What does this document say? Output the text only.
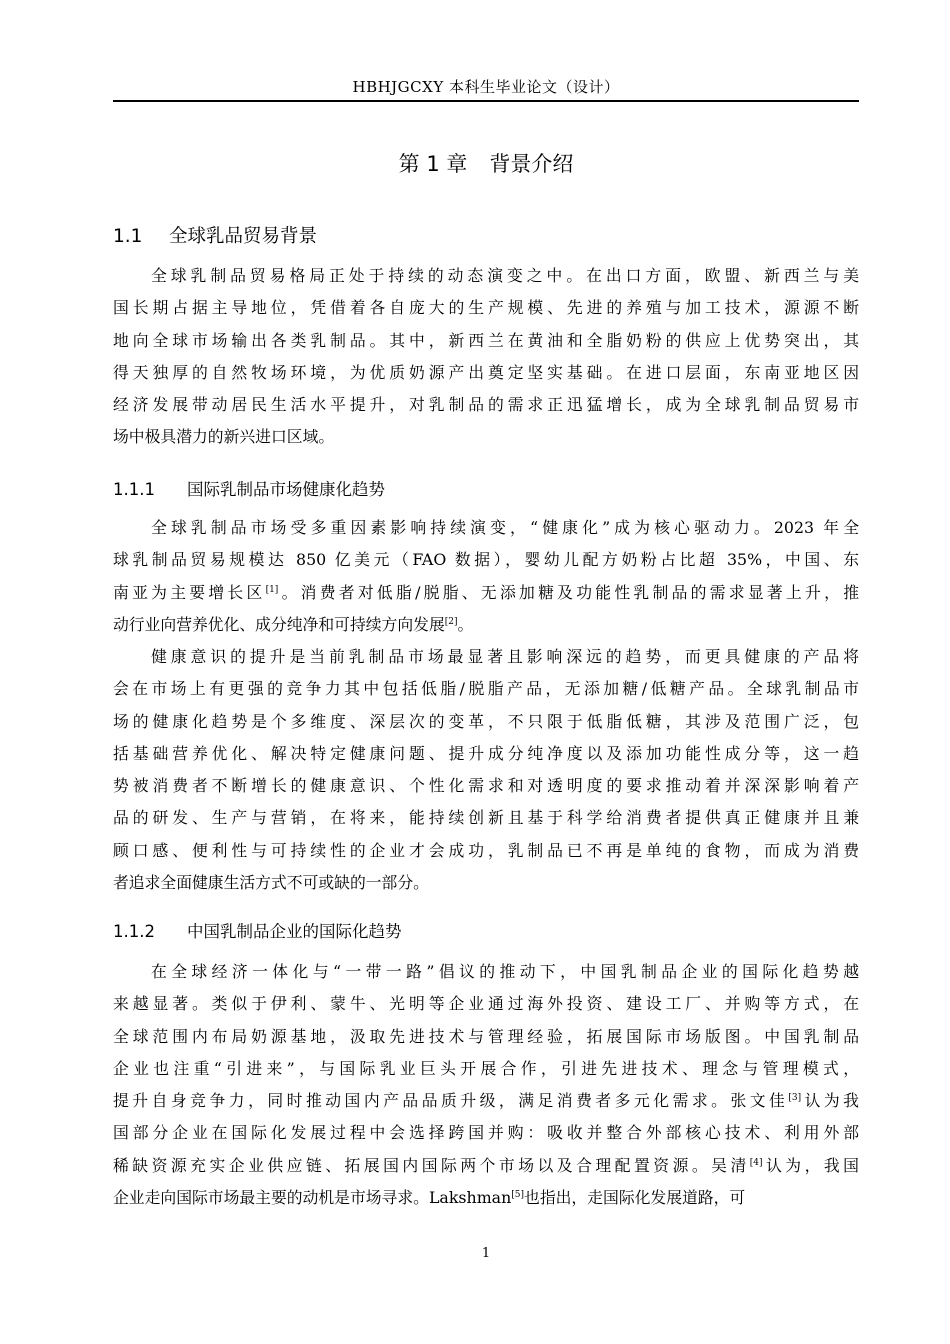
HBHJGCXY 本科生毕业论文（设计）
第 1 章 背景介绍
1.1 全球乳品贸易背景
全球乳制品贸易格局正处于持续的动态演变之中。在出口方面，欧盟、新西兰与美
国长期占据主导地位，凭借着各自庞大的生产规模、先进的养殖与加工技术，源源不断
地向全球市场输出各类乳制品。其中，新西兰在黄油和全脂奶粉的供应上优势突出，其
得天独厚的自然牧场环境，为优质奶源产出奠定坚实基础。在进口层面，东南亚地区因
经济发展带动居民生活水平提升，对乳制品的需求正迅猛增长，成为全球乳制品贸易市
场中极具潜力的新兴进口区域。
1.1.1 国际乳制品市场健康化趋势
全球乳制品市场受多重因素影响持续演变，“健康化”成为核心驱动力。2023 年全
球乳制品贸易规模达 850 亿美元（FAO 数据），婴幼儿配方奶粉占比超 35%，中国、东
南亚为主要增长区[1]。消费者对低脂/脱脂、无添加糖及功能性乳制品的需求显著上升，推
动行业向营养优化、成分纯净和可持续方向发展[2]。
健康意识的提升是当前乳制品市场最显著且影响深远的趋势，而更具健康的产品将
会在市场上有更强的竞争力其中包括低脂/脱脂产品，无添加糖/低糖产品。全球乳制品市
场的健康化趋势是个多维度、深层次的变革，不只限于低脂低糖，其涉及范围广泛，包
括基础营养优化、解决特定健康问题、提升成分纯净度以及添加功能性成分等，这一趋
势被消费者不断增长的健康意识、个性化需求和对透明度的要求推动着并深深影响着产
品的研发、生产与营销，在将来，能持续创新且基于科学给消费者提供真正健康并且兼
顾口感、便利性与可持续性的企业才会成功，乳制品已不再是单纯的食物，而成为消费
者追求全面健康生活方式不可或缺的一部分。
1.1.2 中国乳制品企业的国际化趋势
在全球经济一体化与“一带一路”倡议的推动下，中国乳制品企业的国际化趋势越
来越显著。类似于伊利、蒙牛、光明等企业通过海外投资、建设工厂、并购等方式，在
全球范围内布局奶源基地，汲取先进技术与管理经验，拓展国际市场版图。中国乳制品
企业也注重“引进来”，与国际乳业巨头开展合作，引进先进技术、理念与管理模式，
提升自身竞争力，同时推动国内产品品质升级，满足消费者多元化需求。张文佳[3]认为我
国部分企业在国际化发展过程中会选择跨国并购：吸收并整合外部核心技术、利用外部
稀缺资源充实企业供应链、拓展国内国际两个市场以及合理配置资源。吴清[4]认为，我国
企业走向国际市场最主要的动机是市场寻求。Lakshman[5]也指出，走国际化发展道路，可
1
